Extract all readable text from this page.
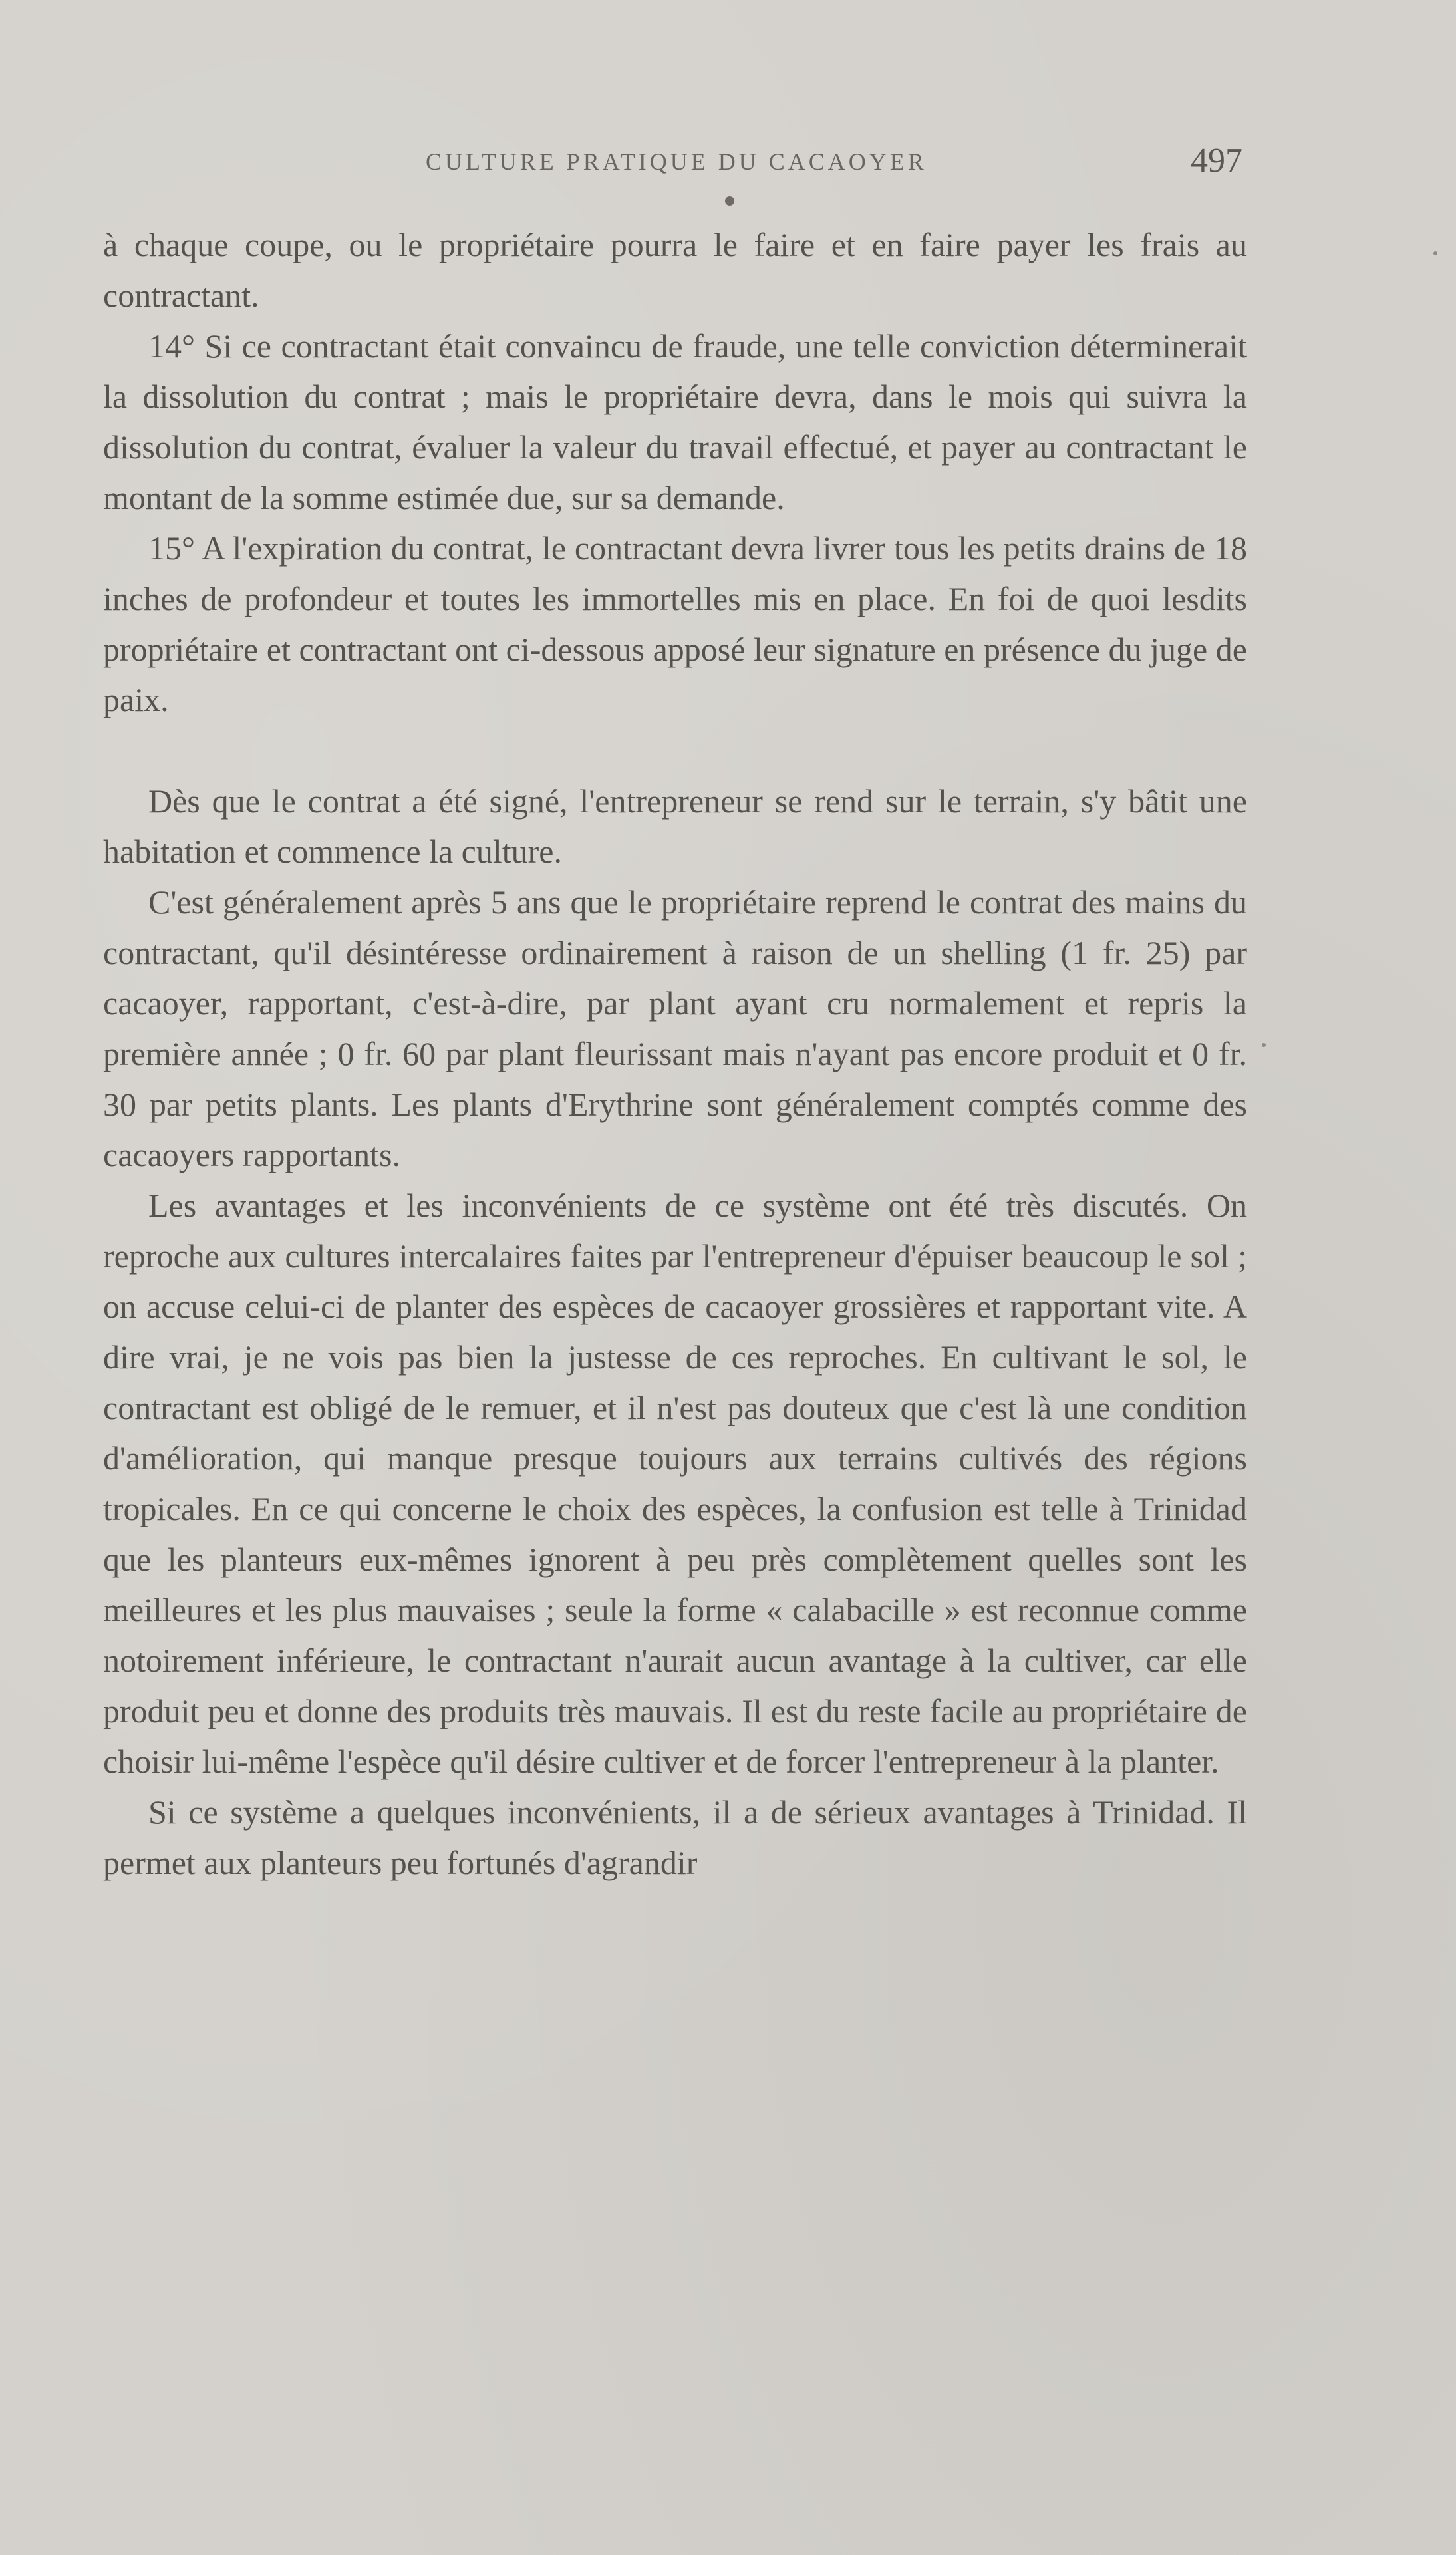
CULTURE PRATIQUE DU CACAOYER	497

à chaque coupe, ou le propriétaire pourra le faire et en faire payer les frais au contractant.

14° Si ce contractant était convaincu de fraude, une telle conviction déterminerait la dissolution du contrat ; mais le propriétaire devra, dans le mois qui suivra la dissolution du contrat, évaluer la valeur du travail effectué, et payer au contractant le montant de la somme estimée due, sur sa demande.

15° A l'expiration du contrat, le contractant devra livrer tous les petits drains de 18 inches de profondeur et toutes les immortelles mis en place. En foi de quoi lesdits propriétaire et contractant ont ci-dessous apposé leur signature en présence du juge de paix.

Dès que le contrat a été signé, l'entrepreneur se rend sur le terrain, s'y bâtit une habitation et commence la culture.

C'est généralement après 5 ans que le propriétaire reprend le contrat des mains du contractant, qu'il désintéresse ordinairement à raison de un shelling (1 fr. 25) par cacaoyer, rapportant, c'est-à-dire, par plant ayant cru normalement et repris la première année ; 0 fr. 60 par plant fleurissant mais n'ayant pas encore produit et 0 fr. 30 par petits plants. Les plants d'Erythrine sont généralement comptés comme des cacaoyers rapportants.

Les avantages et les inconvénients de ce système ont été très discutés. On reproche aux cultures intercalaires faites par l'entrepreneur d'épuiser beaucoup le sol ; on accuse celui-ci de planter des espèces de cacaoyer grossières et rapportant vite. A dire vrai, je ne vois pas bien la justesse de ces reproches. En cultivant le sol, le contractant est obligé de le remuer, et il n'est pas douteux que c'est là une condition d'amélioration, qui manque presque toujours aux terrains cultivés des régions tropicales. En ce qui concerne le choix des espèces, la confusion est telle à Trinidad que les planteurs eux-mêmes ignorent à peu près complètement quelles sont les meilleures et les plus mauvaises ; seule la forme « calabacille » est reconnue comme notoirement inférieure, le contractant n'aurait aucun avantage à la cultiver, car elle produit peu et donne des produits très mauvais. Il est du reste facile au propriétaire de choisir lui-même l'espèce qu'il désire cultiver et de forcer l'entrepreneur à la planter.

Si ce système a quelques inconvénients, il a de sérieux avantages à Trinidad. Il permet aux planteurs peu fortunés d'agrandir
